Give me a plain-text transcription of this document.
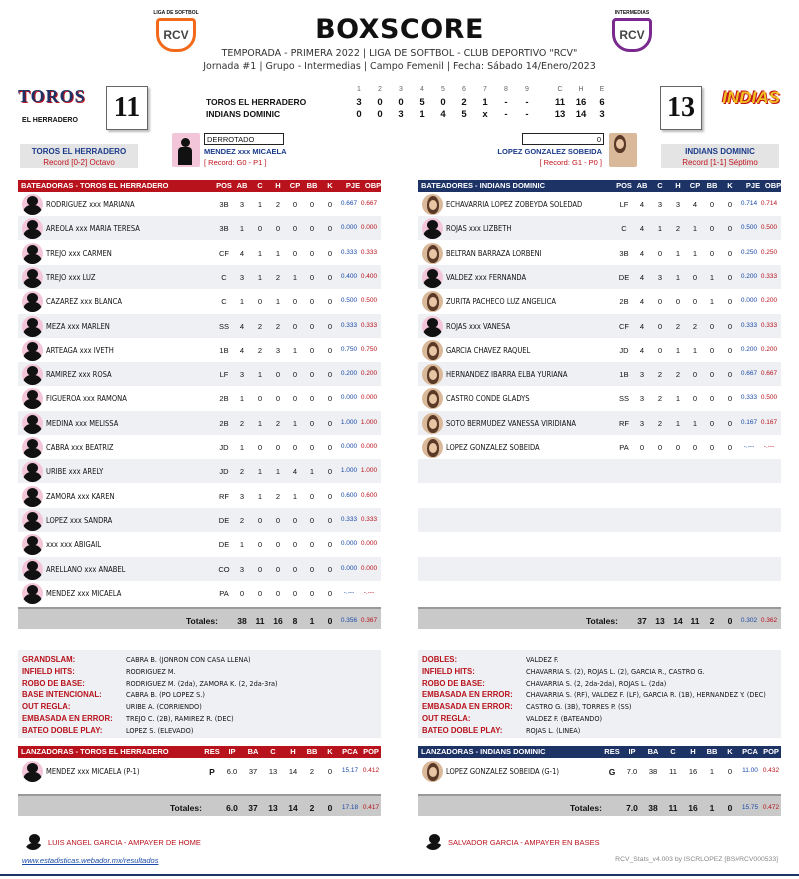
LIGA DE SOFTBOL
RCV	BOXSCORE
TEMPORADA - PRIMERA 2022 | LIGA DE SOFTBOL - CLUB DEPORTIVO "RCV"
Jornada #1 | Grupo - Intermedias | Campo Femenil | Fecha: Sábado 14/Enero/2023
INTERMEDIAS
RCV
TOROS
EL HERRADERO 11	13	INDIAS
1	2	3	4	5	6	7	8	9	C	H	E
TOROS EL HERRADERO	3	0	0	5	0	2	1	-	-	11 16	6
INDIANS DOMINIC	0	0	3	1	4	5	x	-	-	13 14	3
TOROS EL HERRADERO
Record [0-2] Octavo
INDIANS DOMINIC
Record [1-1] Séptimo
DERROTADO
MENDEZ xxx MICAELA
[ Record: G0 - P1 ]
0
LOPEZ GONZALEZ SOBEIDA
[ Record: G1 - P0 ]
BATEADORAS - TOROS EL HERRADERO	POS AB	C	H	CP BB	K	PJE OBP
RODRIGUEZ xxx MARIANA	3B	3	1	2	0	0	0	0.667 0.667
AREOLA xxx MARIA TERESA	3B	1	0	0	0	0	0	0.000 0.000
TREJO xxx CARMEN	CF	4	1	1	0	0	0	0.333 0.333
TREJO xxx LUZ	C	3	1	2	1	0	0	0.400 0.400
CAZAREZ xxx BLANCA	C	1	0	1	0	0	0	0.500 0.500
MEZA xxx MARLEN	SS	4	2	2	0	0	0	0.333 0.333
ARTEAGA xxx IVETH	1B	4	2	3	1	0	0	0.750 0.750
RAMIREZ xxx ROSA	LF	3	1	0	0	0	0	0.200 0.200
FIGUEROA xxx RAMONA	2B	1	0	0	0	0	0	0.000 0.000
MEDINA xxx MELISSA	2B	2	1	2	1	0	0	1.000 1.000
CABRA xxx BEATRIZ	JD	1	0	0	0	0	0	0.000 0.000
URIBE xxx ARELY	JD	2	1	1	4	1	0	1.000 1.000
ZAMORA xxx KAREN	RF	3	1	2	1	0	0	0.600 0.600
LOPEZ xxx SANDRA	DE	2	0	0	0	0	0	0.333 0.333
xxx xxx ABIGAIL	DE	1	0	0	0	0	0	0.000 0.000
ARELLANO xxx ANABEL	CO	3	0	0	0	0	0	0.000 0.000
MENDEZ xxx MICAELA	PA	0	0	0	0	0	0	-.---	-.---
Totales:	38	11	16	8	1	0	0.356 0.367
BATEADORES - INDIANS DOMINIC	POS AB	C	H	CP BB	K	PJE OBP
ECHAVARRIA LOPEZ ZOBEYDA SOLEDAD	LF	4	3	3	4	0	0	0.714 0.714
ROJAS xxx LIZBETH	C	4	1	2	1	0	0	0.500 0.500
BELTRAN BARRAZA LORBENI	3B	4	0	1	1	0	0	0.250 0.250
VALDEZ xxx FERNANDA	DE	4	3	1	0	1	0	0.200 0.333
ZURITA PACHECO LUZ ANGELICA	2B	4	0	0	0	1	0	0.000 0.200
ROJAS xxx VANESA	CF	4	0	2	2	0	0	0.333 0.333
GARCIA CHAVEZ RAQUEL	JD	4	0	1	1	0	0	0.200 0.200
HERNANDEZ IBARRA ELBA YURIANA	1B	3	2	2	0	0	0	0.667 0.667
CASTRO CONDE GLADYS	SS	3	2	1	0	0	0	0.333 0.500
SOTO BERMUDEZ VANESSA VIRIDIANA	RF	3	2	1	1	0	0	0.167 0.167
LOPEZ GONZALEZ SOBEIDA	PA	0	0	0	0	0	0	-.---	-.---
Totales:	37	13	14 11	2	0	0.302 0.362
GRANDSLAM:	CABRA B. (JONRON CON CASA LLENA)
INFIELD HITS:	RODRIGUEZ M.
ROBO DE BASE:	RODRIGUEZ M. (2da), ZAMORA K. (2, 2da-3ra)
BASE INTENCIONAL:	CABRA B. (PO LOPEZ S.)
OUT REGLA:	URIBE A. (CORRIENDO)
EMBASADA EN ERROR: TREJO C. (2B), RAMIREZ R. (DEC)
BATEO DOBLE PLAY:	LOPEZ S. (ELEVADO)
DOBLES:	VALDEZ F.
INFIELD HITS:	CHAVARRIA S. (2), ROJAS L. (2), GARCIA R., CASTRO G.
ROBO DE BASE:	CHAVARRIA S. (2, 2da-2da), ROJAS L. (2da)
EMBASADA EN ERROR: CHAVARRIA S. (RF), VALDEZ F. (LF), GARCIA R. (1B), HERNANDEZ Y. (DEC)
EMBASADA EN ERROR: CASTRO G. (3B), TORRES P. (SS)
OUT REGLA:	VALDEZ F. (BATEANDO)
BATEO DOBLE PLAY:	ROJAS L. (LINEA)
LANZADORAS - TOROS EL HERRADERO	RES	IP	BA	C	H	BB	K	PCA POP
MENDEZ xxx MICAELA (P-1)	P	6.0	37	13	14	2	0	15.17 0.412
Totales:	6.0	37	13	14	2	0	17.18 0.417
LANZADORAS - INDIANS DOMINIC	RES	IP	BA	C	H	BB	K	PCA POP
LOPEZ GONZALEZ SOBEIDA (G-1)	G	7.0	38	11	16	1	0	11.00 0.432
Totales:	7.0	38	11	16	1	0	15.75 0.472
LUIS ANGEL GARCIA - AMPAYER DE HOME	SALVADOR GARCIA - AMPAYER EN BASES
www.estadisticas.webador.mx/resultados	RCV_Stats_v4.003 by ISCRLOPEZ [BS#RCV000533]
